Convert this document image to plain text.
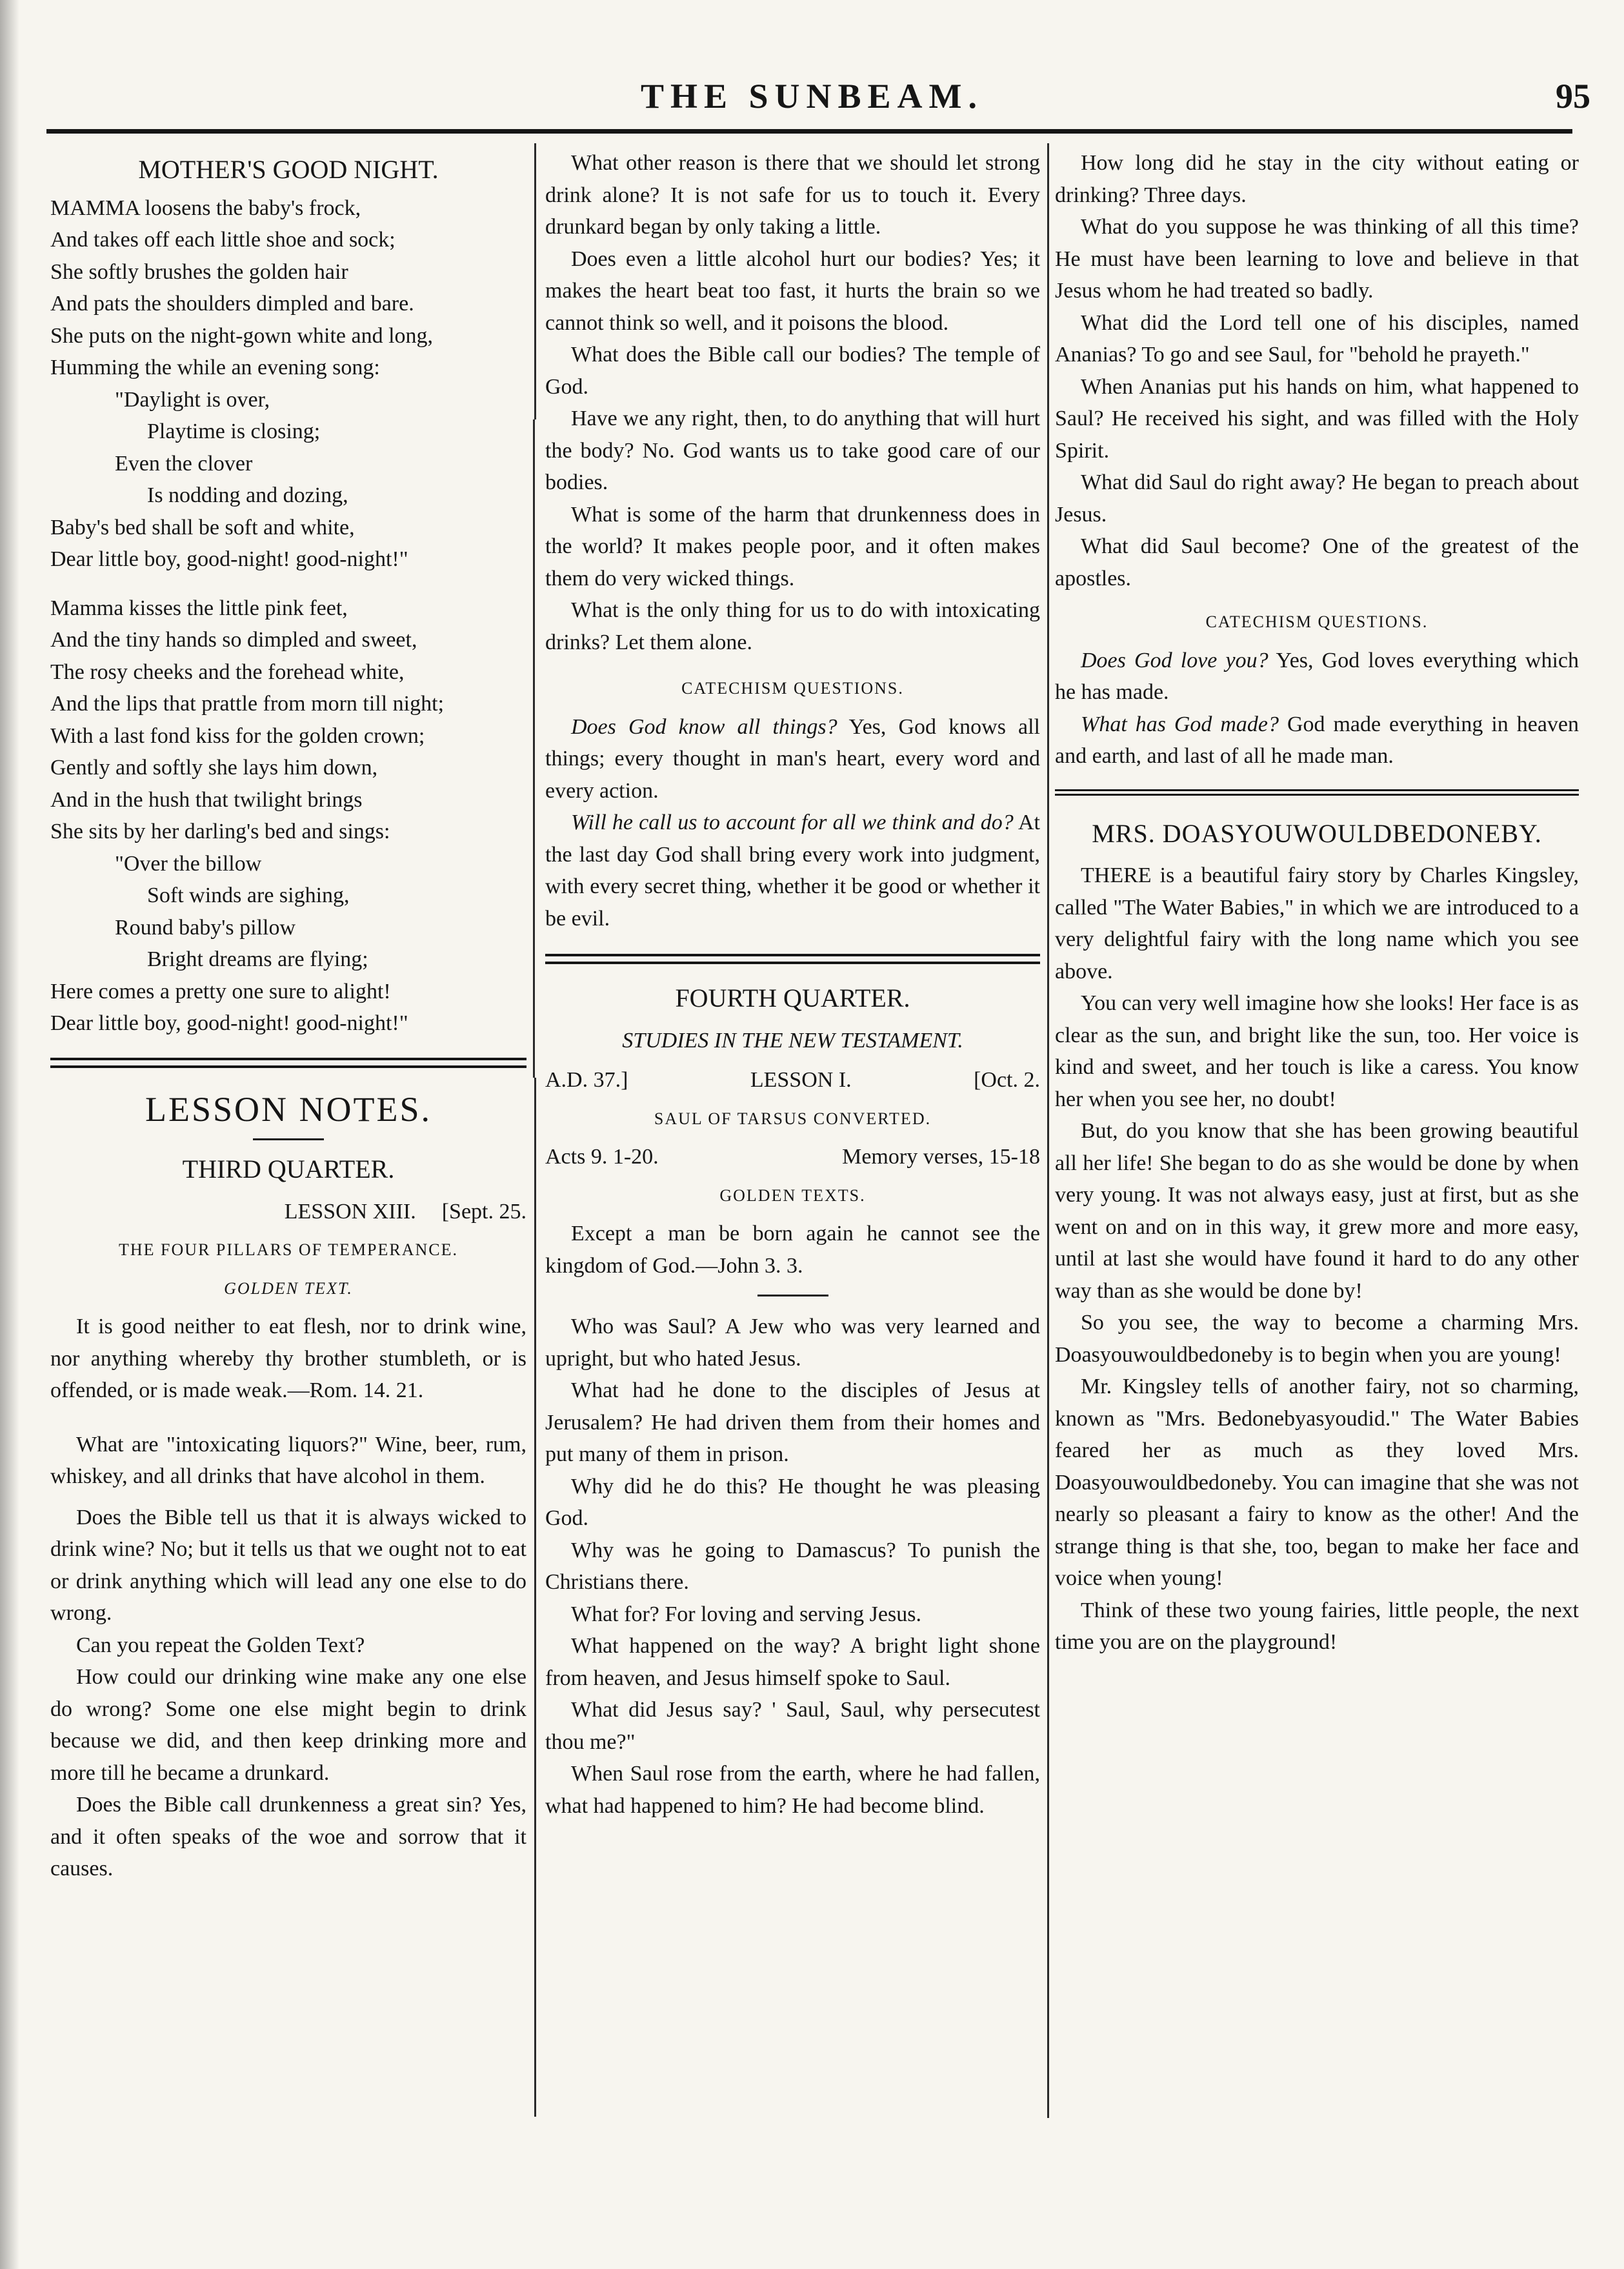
THE SUNBEAM.	95
MOTHER'S GOOD NIGHT.
MAMMA loosens the baby's frock,
And takes off each little shoe and sock;
She softly brushes the golden hair
And pats the shoulders dimpled and bare.
She puts on the night-gown white and long,
Humming the while an evening song:
"Daylight is over,
Playtime is closing;
Even the clover
Is nodding and dozing,
Baby's bed shall be soft and white,
Dear little boy, good-night! good-night!"
Mamma kisses the little pink feet,
And the tiny hands so dimpled and sweet,
The rosy cheeks and the forehead white,
And the lips that prattle from morn till night;
With a last fond kiss for the golden crown;
Gently and softly she lays him down,
And in the hush that twilight brings
She sits by her darling's bed and sings:
"Over the billow
Soft winds are sighing,
Round baby's pillow
Bright dreams are flying;
Here comes a pretty one sure to alight!
Dear little boy, good-night! good-night!"
LESSON NOTES.
THIRD QUARTER.
LESSON XIII. [Sept. 25.
THE FOUR PILLARS OF TEMPERANCE.
GOLDEN TEXT.
It is good neither to eat flesh, nor to drink wine, nor anything whereby thy brother stumbleth, or is offended, or is made weak.—Rom. 14. 21.
What are "intoxicating liquors?" Wine, beer, rum, whiskey, and all drinks that have alcohol in them.
Does the Bible tell us that it is always wicked to drink wine? No; but it tells us that we ought not to eat or drink anything which will lead any one else to do wrong.
Can you repeat the Golden Text?
How could our drinking wine make any one else do wrong? Some one else might begin to drink because we did, and then keep drinking more and more till he became a drunkard.
Does the Bible call drunkenness a great sin? Yes, and it often speaks of the woe and sorrow that it causes.
What other reason is there that we should let strong drink alone? It is not safe for us to touch it. Every drunkard began by only taking a little.
Does even a little alcohol hurt our bodies? Yes; it makes the heart beat too fast, it hurts the brain so we cannot think so well, and it poisons the blood.
What does the Bible call our bodies? The temple of God.
Have we any right, then, to do anything that will hurt the body? No. God wants us to take good care of our bodies.
What is some of the harm that drunkenness does in the world? It makes people poor, and it often makes them do very wicked things.
What is the only thing for us to do with intoxicating drinks? Let them alone.
CATECHISM QUESTIONS.
Does God know all things? Yes, God knows all things; every thought in man's heart, every word and every action.
Will he call us to account for all we think and do? At the last day God shall bring every work into judgment, with every secret thing, whether it be good or whether it be evil.
FOURTH QUARTER.
STUDIES IN THE NEW TESTAMENT.
A.D. 37.]	LESSON I.	[Oct. 2.
SAUL OF TARSUS CONVERTED.
Acts 9. 1-20.	Memory verses, 15-18
GOLDEN TEXTS.
Except a man be born again he cannot see the kingdom of God.—John 3. 3.
Who was Saul? A Jew who was very learned and upright, but who hated Jesus.
What had he done to the disciples of Jesus at Jerusalem? He had driven them from their homes and put many of them in prison.
Why did he do this? He thought he was pleasing God.
Why was he going to Damascus? To punish the Christians there.
What for? For loving and serving Jesus.
What happened on the way? A bright light shone from heaven, and Jesus himself spoke to Saul.
What did Jesus say? ' Saul, Saul, why persecutest thou me?"
When Saul rose from the earth, where he had fallen, what had happened to him? He had become blind.
How long did he stay in the city without eating or drinking? Three days.
What do you suppose he was thinking of all this time? He must have been learning to love and believe in that Jesus whom he had treated so badly.
What did the Lord tell one of his disciples, named Ananias? To go and see Saul, for "behold he prayeth."
When Ananias put his hands on him, what happened to Saul? He received his sight, and was filled with the Holy Spirit.
What did Saul do right away? He began to preach about Jesus.
What did Saul become? One of the greatest of the apostles.
CATECHISM QUESTIONS.
Does God love you? Yes, God loves everything which he has made.
What has God made? God made everything in heaven and earth, and last of all he made man.
MRS. DOASYOUWOULDBEDONEBY.
THERE is a beautiful fairy story by Charles Kingsley, called "The Water Babies," in which we are introduced to a very delightful fairy with the long name which you see above.
You can very well imagine how she looks! Her face is as clear as the sun, and bright like the sun, too. Her voice is kind and sweet, and her touch is like a caress. You know her when you see her, no doubt!
But, do you know that she has been growing beautiful all her life! She began to do as she would be done by when very young. It was not always easy, just at first, but as she went on and on in this way, it grew more and more easy, until at last she would have found it hard to do any other way than as she would be done by!
So you see, the way to become a charming Mrs. Doasyouwouldbedoneby is to begin when you are young!
Mr. Kingsley tells of another fairy, not so charming, known as "Mrs. Bedonebyasyoudid." The Water Babies feared her as much as they loved Mrs. Doasyouwouldbedoneby. You can imagine that she was not nearly so pleasant a fairy to know as the other! And the strange thing is that she, too, began to make her face and voice when young!
Think of these two young fairies, little people, the next time you are on the playground!
